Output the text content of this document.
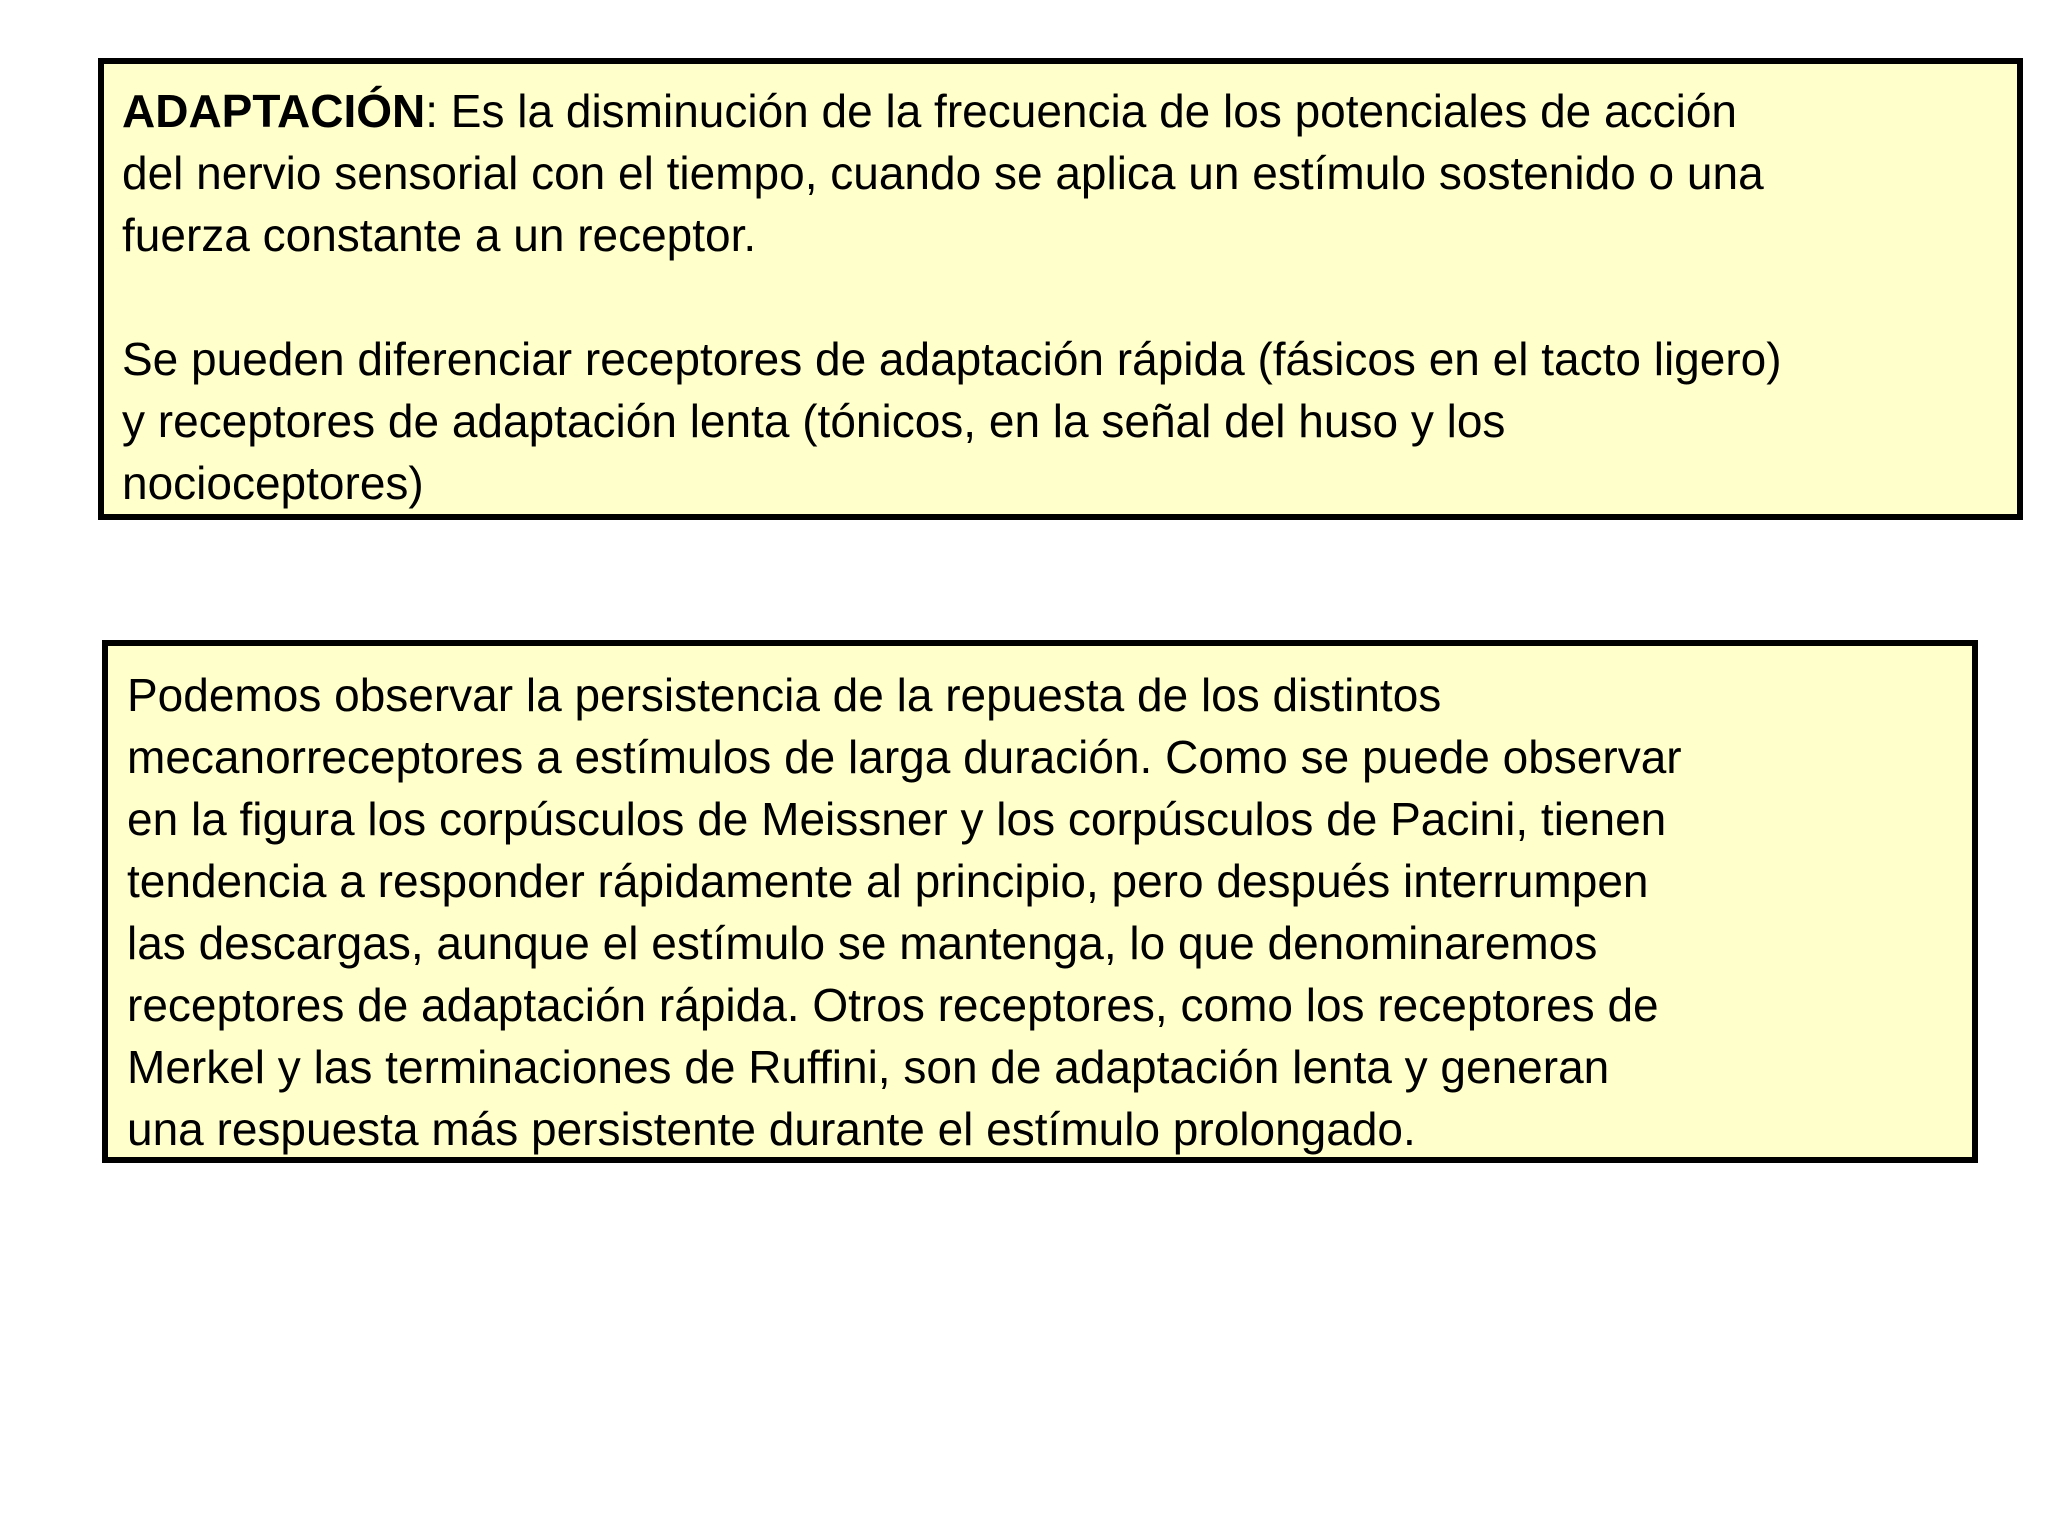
ADAPTACIÓN: Es la disminución de la frecuencia de los potenciales de acción
del nervio sensorial con el tiempo, cuando se aplica un estímulo sostenido o una
fuerza constante a un receptor.
Se pueden diferenciar receptores de adaptación rápida (fásicos en el tacto ligero)
y receptores de adaptación lenta (tónicos, en la señal del huso y los
nocioceptores)

Podemos observar la persistencia de la repuesta de los distintos
mecanorreceptores a estímulos de larga duración. Como se puede observar
en la figura los corpúsculos de Meissner y los corpúsculos de Pacini, tienen
tendencia a responder rápidamente al principio, pero después interrumpen
las descargas, aunque el estímulo se mantenga, lo que denominaremos
receptores de adaptación rápida. Otros receptores, como los receptores de
Merkel y las terminaciones de Ruffini, son de adaptación lenta y generan
una respuesta más persistente durante el estímulo prolongado.
